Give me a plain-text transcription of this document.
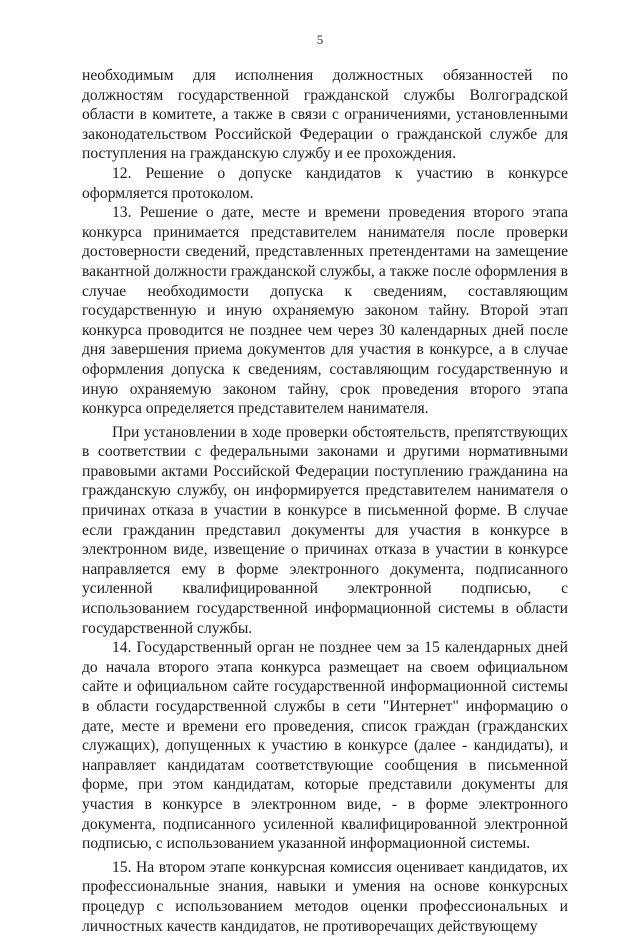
5

необходимым для исполнения должностных обязанностей по должностям государственной гражданской службы Волгоградской области в комитете, а также в связи с ограничениями, установленными законодательством Российской Федерации о гражданской службе для поступления на гражданскую службу и ее прохождения.

12. Решение о допуске кандидатов к участию в конкурсе оформляется протоколом.

13. Решение о дате, месте и времени проведения второго этапа конкурса принимается представителем нанимателя после проверки достоверности сведений, представленных претендентами на замещение вакантной должности гражданской службы, а также после оформления в случае необходимости допуска к сведениям, составляющим государственную и иную охраняемую законом тайну. Второй этап конкурса проводится не позднее чем через 30 календарных дней после дня завершения приема документов для участия в конкурсе, а в случае оформления допуска к сведениям, составляющим государственную и иную охраняемую законом тайну, срок проведения второго этапа конкурса определяется представителем нанимателя.

При установлении в ходе проверки обстоятельств, препятствующих в соответствии с федеральными законами и другими нормативными правовыми актами Российской Федерации поступлению гражданина на гражданскую службу, он информируется представителем нанимателя о причинах отказа в участии в конкурсе в письменной форме. В случае если гражданин представил документы для участия в конкурсе в электронном виде, извещение о причинах отказа в участии в конкурсе направляется ему в форме электронного документа, подписанного усиленной квалифицированной электронной подписью, с использованием государственной информационной системы в области государственной службы.

14. Государственный орган не позднее чем за 15 календарных дней до начала второго этапа конкурса размещает на своем официальном сайте и официальном сайте государственной информационной системы в области государственной службы в сети "Интернет" информацию о дате, месте и времени его проведения, список граждан (гражданских служащих), допущенных к участию в конкурсе (далее - кандидаты), и направляет кандидатам соответствующие сообщения в письменной форме, при этом кандидатам, которые представили документы для участия в конкурсе в электронном виде, - в форме электронного документа, подписанного усиленной квалифицированной электронной подписью, с использованием указанной информационной системы.

15. На втором этапе конкурсная комиссия оценивает кандидатов, их профессиональные знания, навыки и умения на основе конкурсных процедур с использованием методов оценки профессиональных и личностных качеств кандидатов, не противоречащих действующему
